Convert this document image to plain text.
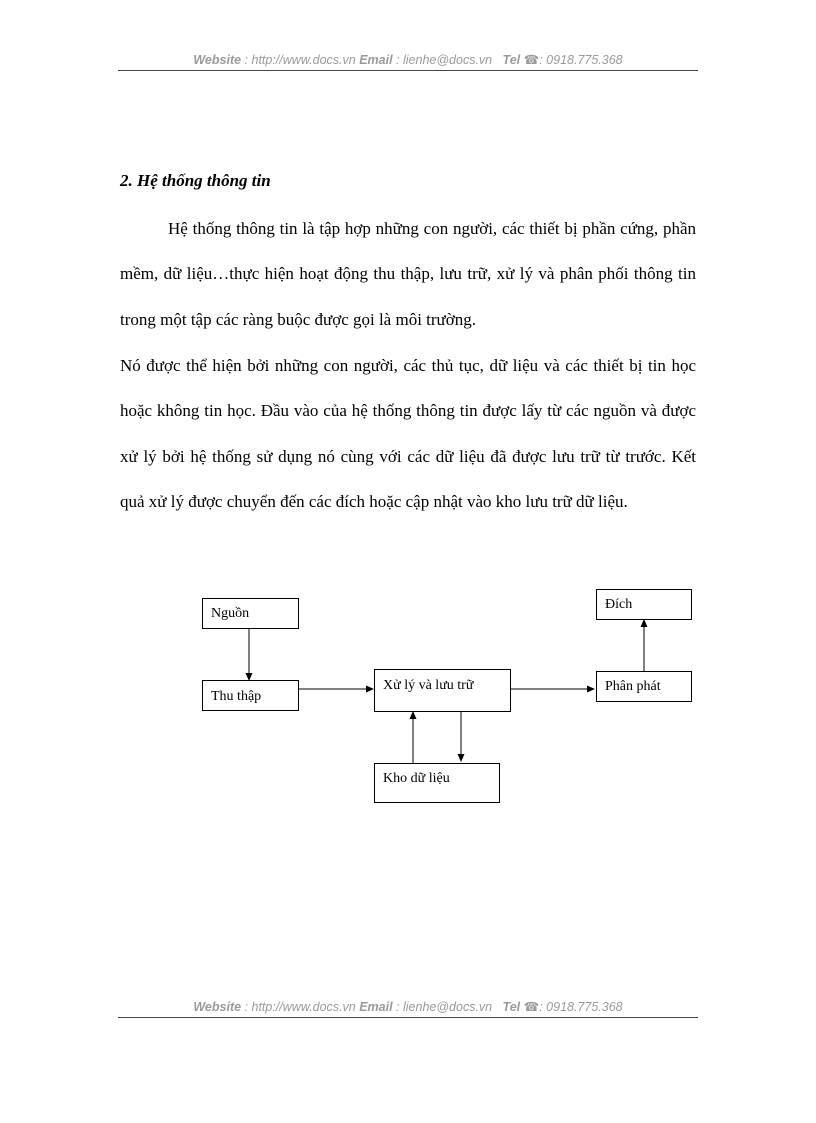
Website : http://www.docs.vn Email : lienhe@docs.vn Tel ☎: 0918.775.368
2. Hệ thống thông tin

Hệ thống thông tin là tập hợp những con người, các thiết bị phần cứng, phần mềm, dữ liệu…thực hiện hoạt động thu thập, lưu trữ, xử lý và phân phối thông tin trong một tập các ràng buộc được gọi là môi trường.

Nó được thể hiện bởi những con người, các thủ tục, dữ liệu và các thiết bị tin học hoặc không tin học. Đầu vào của hệ thống thông tin được lấy từ các nguồn và được xử lý bởi hệ thống sử dụng nó cùng với các dữ liệu đã được lưu trữ từ trước. Kết quả xử lý được chuyển đến các đích hoặc cập nhật vào kho lưu trữ dữ liệu.

Nguồn
Thu thập
Xử lý và lưu trữ
Kho dữ liệu
Phân phát
Đích
Website : http://www.docs.vn Email : lienhe@docs.vn Tel ☎: 0918.775.368
